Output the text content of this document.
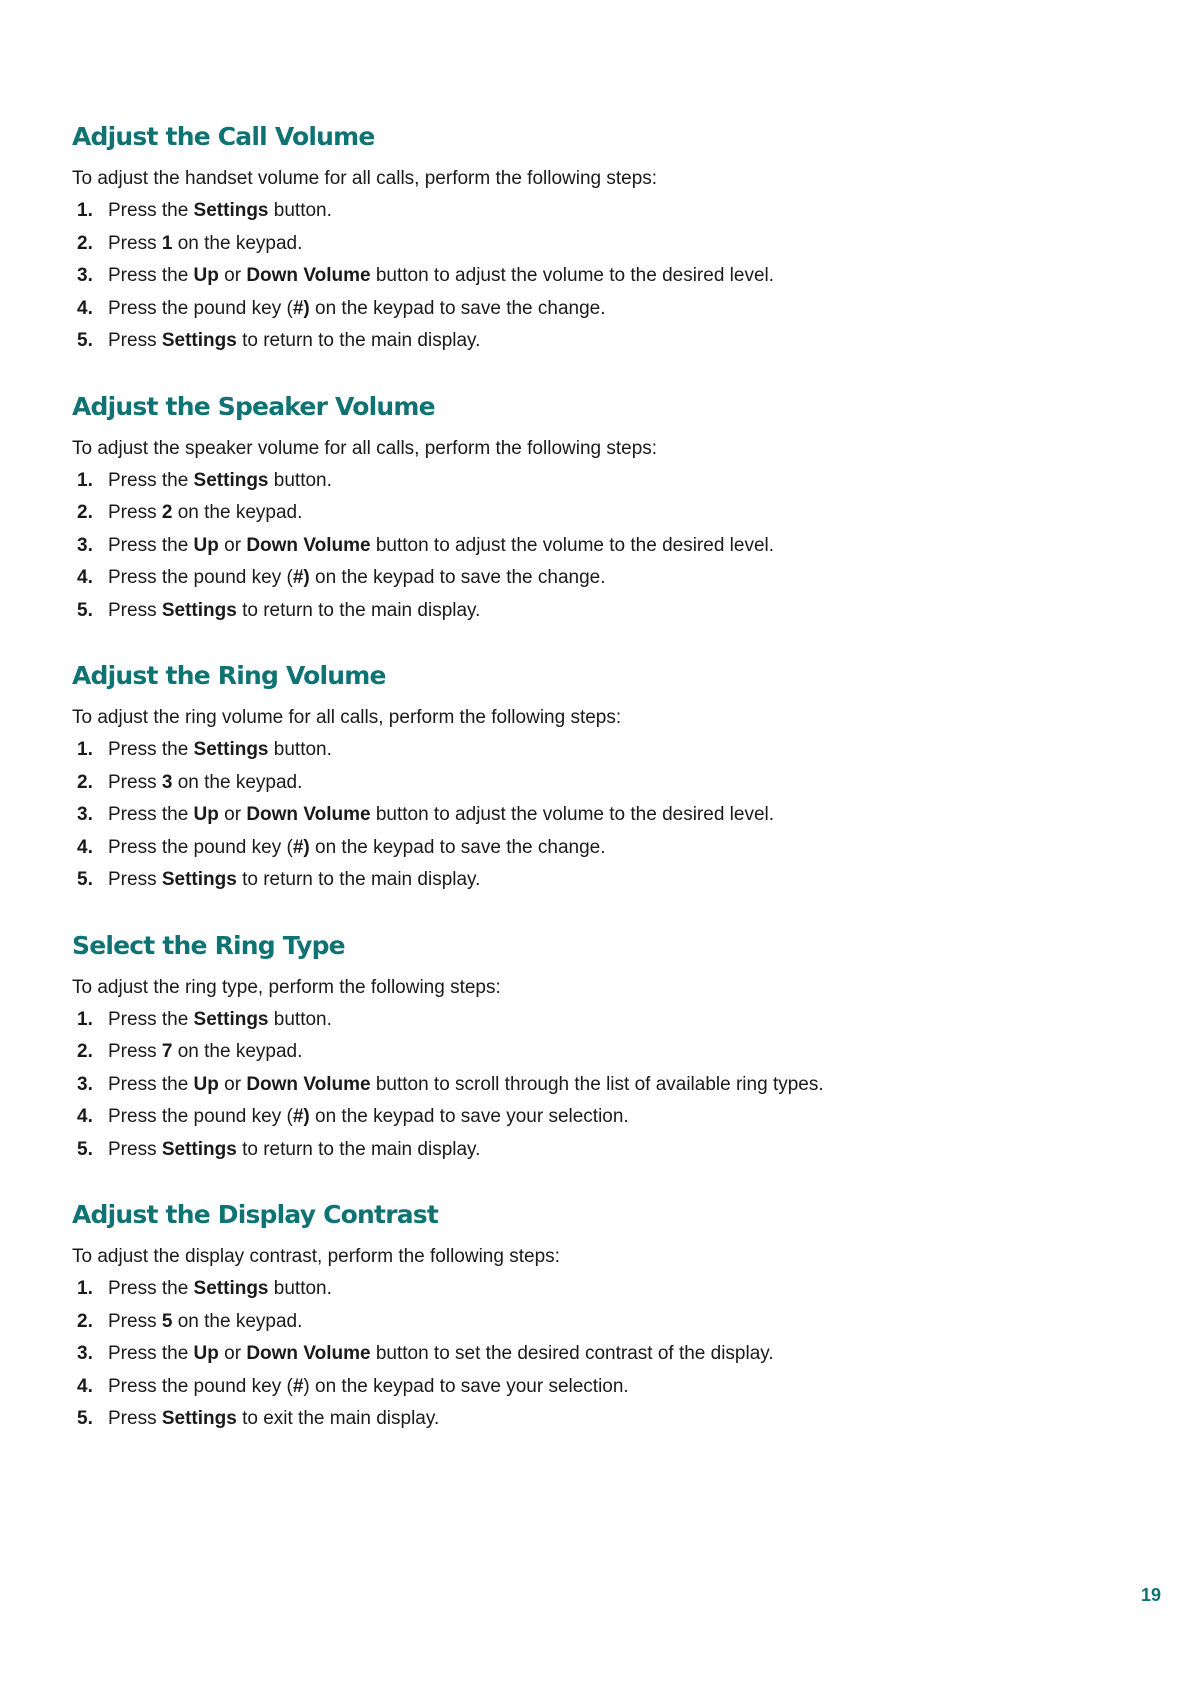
Adjust the Call Volume

To adjust the handset volume for all calls, perform the following steps:

1. Press the Settings button.
2. Press 1 on the keypad.
3. Press the Up or Down Volume button to adjust the volume to the desired level.
4. Press the pound key (#) on the keypad to save the change.
5. Press Settings to return to the main display.
Adjust the Speaker Volume

To adjust the speaker volume for all calls, perform the following steps:

1. Press the Settings button.
2. Press 2 on the keypad.
3. Press the Up or Down Volume button to adjust the volume to the desired level.
4. Press the pound key (#) on the keypad to save the change.
5. Press Settings to return to the main display.
Adjust the Ring Volume

To adjust the ring volume for all calls, perform the following steps:

1. Press the Settings button.
2. Press 3 on the keypad.
3. Press the Up or Down Volume button to adjust the volume to the desired level.
4. Press the pound key (#) on the keypad to save the change.
5. Press Settings to return to the main display.
Select the Ring Type

To adjust the ring type, perform the following steps:

1. Press the Settings button.
2. Press 7 on the keypad.
3. Press the Up or Down Volume button to scroll through the list of available ring types.
4. Press the pound key (#) on the keypad to save your selection.
5. Press Settings to return to the main display.
Adjust the Display Contrast

To adjust the display contrast, perform the following steps:

1. Press the Settings button.
2. Press 5 on the keypad.
3. Press the Up or Down Volume button to set the desired contrast of the display.
4. Press the pound key (#) on the keypad to save your selection.
5. Press Settings to exit the main display.
19
